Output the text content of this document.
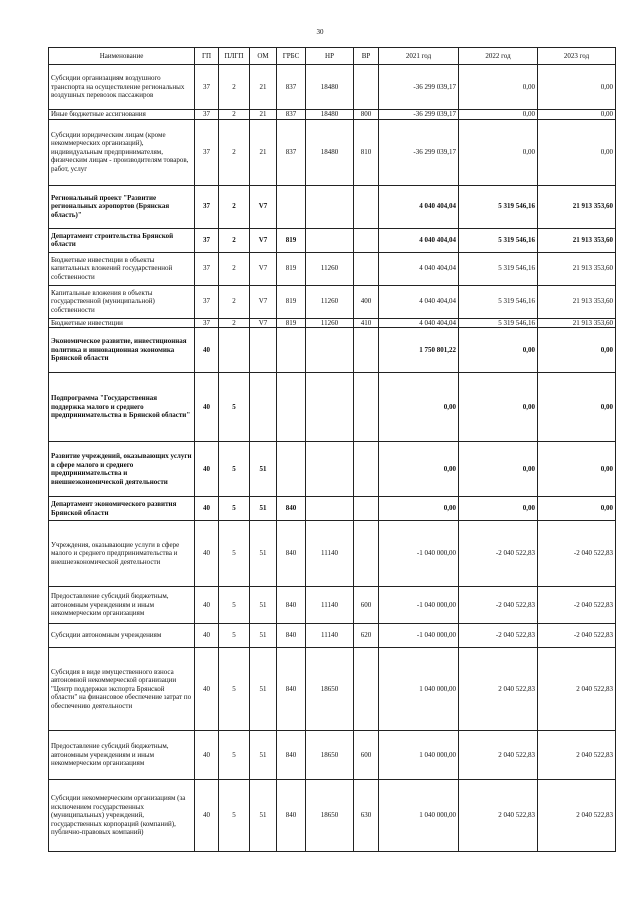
30
Наименование	ГП	ПЛГП	ОМ	ГРБС	НР	ВР	2021 год	2022 год	2023 год
Субсидии организациям воздушного транспорта на осуществление региональных воздушных перевозок пассажиров	37	2	21	837	18480		-36 299 039,17	0,00	0,00
Иные бюджетные ассигнования	37	2	21	837	18480	800	-36 299 039,17	0,00	0,00
Субсидии юридическим лицам (кроме некоммерческих организаций), индивидуальным предпринимателям, физическим лицам - производителям товаров, работ, услуг	37	2	21	837	18480	810	-36 299 039,17	0,00	0,00
Региональный проект "Развитие региональных аэропортов (Брянская область)"	37	2	V7				4 040 404,04	5 319 546,16	21 913 353,60
Департамент строительства Брянской области	37	2	V7	819			4 040 404,04	5 319 546,16	21 913 353,60
Бюджетные инвестиции в объекты капитальных вложений государственной собственности	37	2	V7	819	11260		4 040 404,04	5 319 546,16	21 913 353,60
Капитальные вложения в объекты государственной (муниципальной) собственности	37	2	V7	819	11260	400	4 040 404,04	5 319 546,16	21 913 353,60
Бюджетные инвестиции	37	2	V7	819	11260	410	4 040 404,04	5 319 546,16	21 913 353,60
Экономическое развитие, инвестиционная политика и инновационная экономика Брянской области	40						1 750 801,22	0,00	0,00
Подпрограмма "Государственная поддержка малого и среднего предпринимательства в Брянской области"	40	5					0,00	0,00	0,00
Развитие учреждений, оказывающих услуги в сфере малого и среднего предпринимательства и внешнеэкономической деятельности	40	5	51				0,00	0,00	0,00
Департамент экономического развития Брянской области	40	5	51	840			0,00	0,00	0,00
Учреждения, оказывающие услуги в сфере малого и среднего предпринимательства и внешнеэкономической деятельности	40	5	51	840	11140		-1 040 000,00	-2 040 522,83	-2 040 522,83
Предоставление субсидий бюджетным, автономным учреждениям и иным некоммерческим организациям	40	5	51	840	11140	600	-1 040 000,00	-2 040 522,83	-2 040 522,83
Субсидии автономным учреждениям	40	5	51	840	11140	620	-1 040 000,00	-2 040 522,83	-2 040 522,83
Субсидия в виде имущественного взноса автономной некоммерческой организации "Центр поддержки экспорта Брянской области" на финансовое обеспечение затрат по обеспечению деятельности	40	5	51	840	18650		1 040 000,00	2 040 522,83	2 040 522,83
Предоставление субсидий бюджетным, автономным учреждениям и иным некоммерческим организациям	40	5	51	840	18650	600	1 040 000,00	2 040 522,83	2 040 522,83
Субсидии некоммерческим организациям (за исключением государственных (муниципальных) учреждений, государственных корпораций (компаний), публично-правовых компаний)	40	5	51	840	18650	630	1 040 000,00	2 040 522,83	2 040 522,83
